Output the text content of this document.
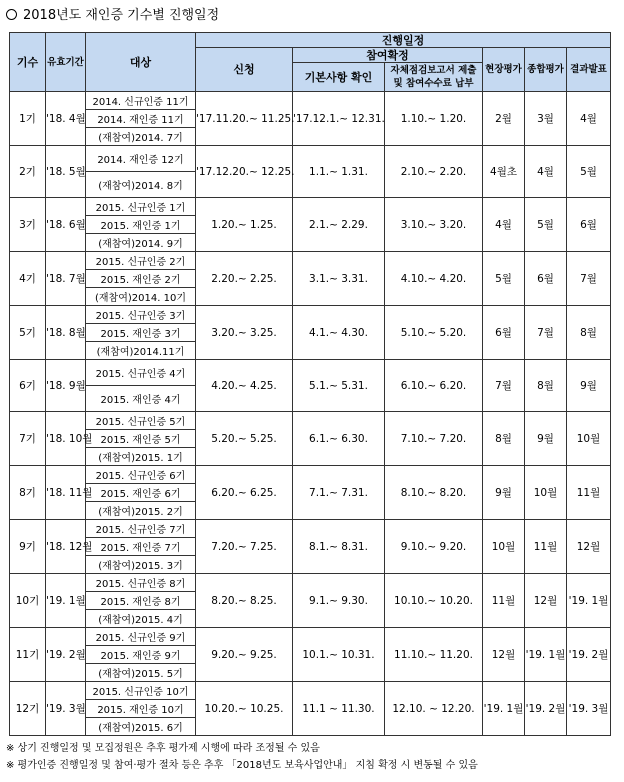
2018년도 재인증 기수별 진행일정
기수	유효기간	대상	진행일정					
			신청	참여확정		현장평가	종합평가	결과발표
				기본사항 확인	자체점검보고서 제출 및 참여수수료 납부			
1기	'18. 4월	2014. 신규인증 11기	'17.11.20.~ 11.25.	'17.12.1.~ 12.31.	1.10.~ 1.20.	2월	3월	4월
		2014. 재인증 11기						
		(재참여)2014. 7기						
2기	'18. 5월	2014. 재인증 12기	'17.12.20.~ 12.25.	1.1.~ 1.31.	2.10.~ 2.20.	4월초	4월	5월
		(재참여)2014. 8기						
3기	'18. 6월	2015. 신규인증 1기	1.20.~ 1.25.	2.1.~ 2.29.	3.10.~ 3.20.	4월	5월	6월
		2015. 재인증 1기						
		(재참여)2014. 9기						
4기	'18. 7월	2015. 신규인증 2기	2.20.~ 2.25.	3.1.~ 3.31.	4.10.~ 4.20.	5월	6월	7월
		2015. 재인증 2기						
		(재참여)2014. 10기						
5기	'18. 8월	2015. 신규인증 3기	3.20.~ 3.25.	4.1.~ 4.30.	5.10.~ 5.20.	6월	7월	8월
		2015. 재인증 3기						
		(재참여)2014.11기						
6기	'18. 9월	2015. 신규인증 4기	4.20.~ 4.25.	5.1.~ 5.31.	6.10.~ 6.20.	7월	8월	9월
		2015. 재인증 4기						
7기	'18. 10월	2015. 신규인증 5기	5.20.~ 5.25.	6.1.~ 6.30.	7.10.~ 7.20.	8월	9월	10월
		2015. 재인증 5기						
		(재참여)2015. 1기						
8기	'18. 11월	2015. 신규인증 6기	6.20.~ 6.25.	7.1.~ 7.31.	8.10.~ 8.20.	9월	10월	11월
		2015. 재인증 6기						
		(재참여)2015. 2기						
9기	'18. 12월	2015. 신규인증 7기	7.20.~ 7.25.	8.1.~ 8.31.	9.10.~ 9.20.	10월	11월	12월
		2015. 재인증 7기						
		(재참여)2015. 3기						
10기	'19. 1월	2015. 신규인증 8기	8.20.~ 8.25.	9.1.~ 9.30.	10.10.~ 10.20.	11월	12월	'19. 1월
		2015. 재인증 8기						
		(재참여)2015. 4기						
11기	'19. 2월	2015. 신규인증 9기	9.20.~ 9.25.	10.1.~ 10.31.	11.10.~ 11.20.	12월	'19. 1월	'19. 2월
		2015. 재인증 9기						
		(재참여)2015. 5기						
12기	'19. 3월	2015. 신규인증 10기	10.20.~ 10.25.	11.1 ~ 11.30.	12.10. ~ 12.20.	'19. 1월	'19. 2월	'19. 3월
		2015. 재인증 10기						
		(재참여)2015. 6기						
※ 상기 진행일정 및 모집정원은 추후 평가제 시행에 따라 조정될 수 있음
※ 평가인증 진행일정 및 참여·평가 절차 등은 추후 「2018년도 보육사업안내」 지침 확정 시 변동될 수 있음
